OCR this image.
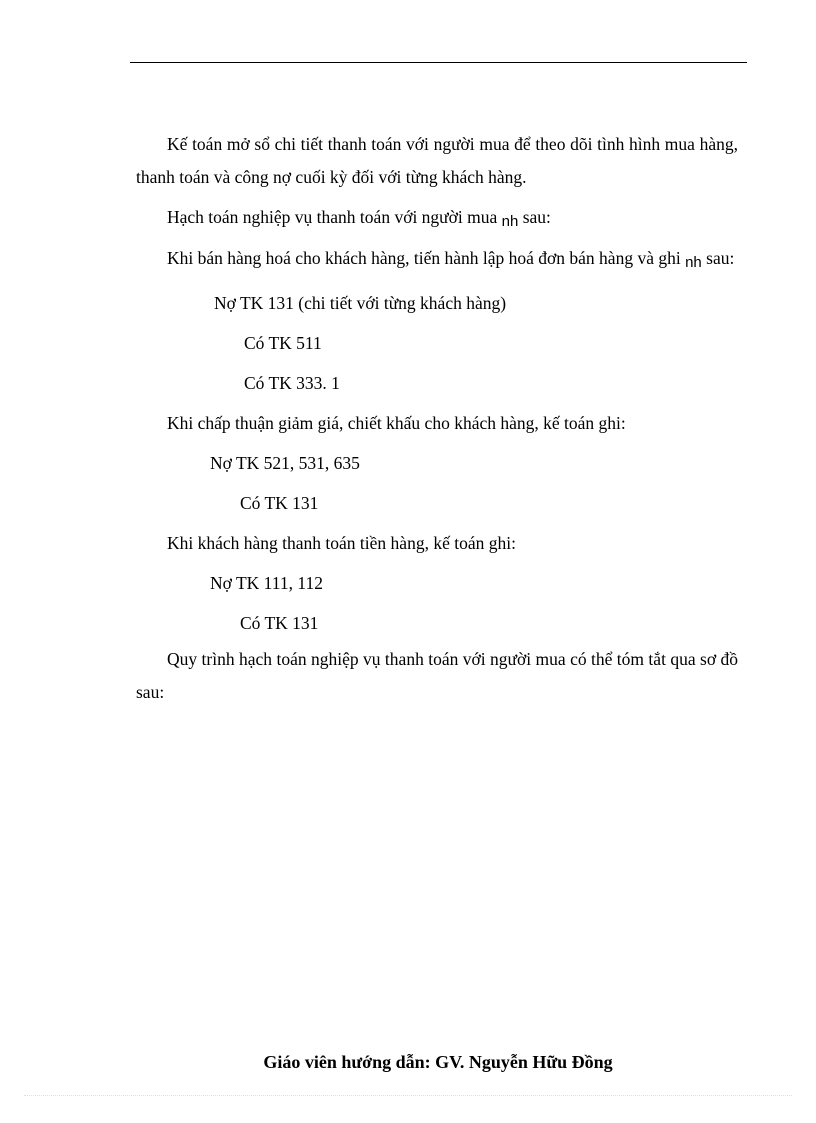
Kế toán mở sổ chi tiết thanh toán với người mua để theo dõi tình hình mua hàng, thanh toán và công nợ cuối kỳ đối với từng khách hàng.

Hạch toán nghiệp vụ thanh toán với người mua nh sau:

Khi bán hàng hoá cho khách hàng, tiến hành lập hoá đơn bán hàng và ghi nh sau:

Nợ TK 131 (chi tiết với từng khách hàng)

Có TK 511

Có TK 333. 1

Khi chấp thuận giảm giá, chiết khấu cho khách hàng, kế toán ghi:

Nợ TK 521, 531, 635

Có TK 131

Khi khách hàng thanh toán tiền hàng, kế toán ghi:

Nợ TK 111, 112

Có TK 131

Quy trình hạch toán nghiệp vụ thanh toán với người mua có thể tóm tắt qua sơ đồ sau:

Giáo viên hướng dẫn: GV. Nguyễn Hữu Đồng
